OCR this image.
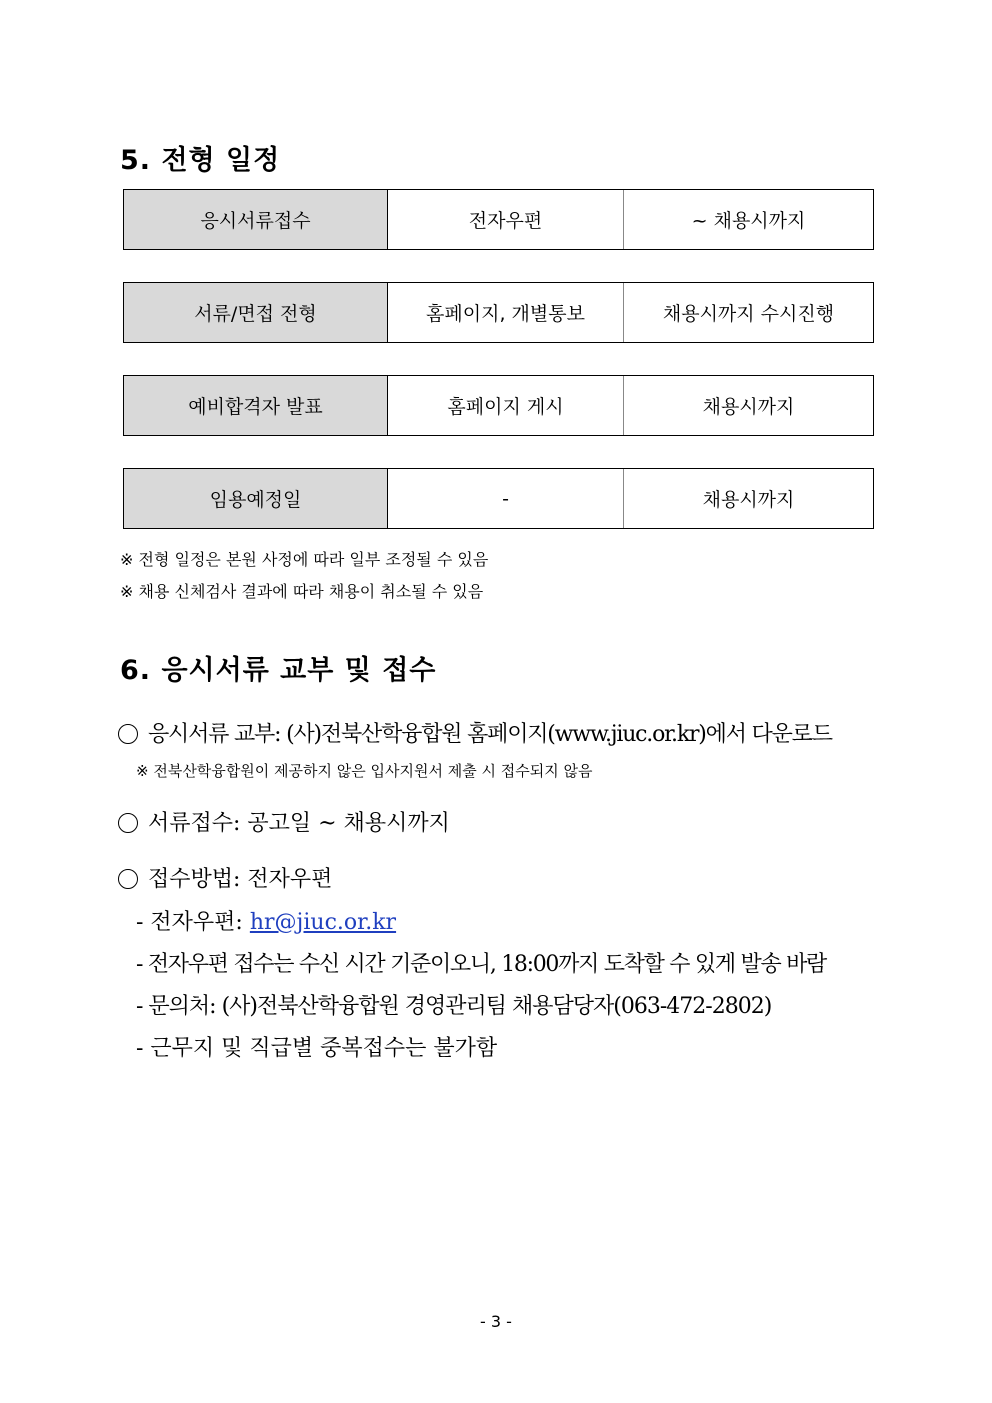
5. 전형 일정
응시서류접수	전자우편	~ 채용시까지
서류/면접 전형	홈페이지, 개별통보	채용시까지 수시진행
예비합격자 발표	홈페이지 게시	채용시까지
임용예정일	-	채용시까지
※ 전형 일정은 본원 사정에 따라 일부 조정될 수 있음
※ 채용 신체검사 결과에 따라 채용이 취소될 수 있음
6. 응시서류 교부 및 접수
응시서류 교부: (사)전북산학융합원 홈페이지(www.jiuc.or.kr)에서 다운로드
※ 전북산학융합원이 제공하지 않은 입사지원서 제출 시 접수되지 않음
서류접수: 공고일 ~ 채용시까지
접수방법: 전자우편
- 전자우편: hr@jiuc.or.kr
- 전자우편 접수는 수신 시간 기준이오니, 18:00까지 도착할 수 있게 발송 바람
- 문의처: (사)전북산학융합원 경영관리팀 채용담당자(063-472-2802)
- 근무지 및 직급별 중복접수는 불가함
- 3 -
